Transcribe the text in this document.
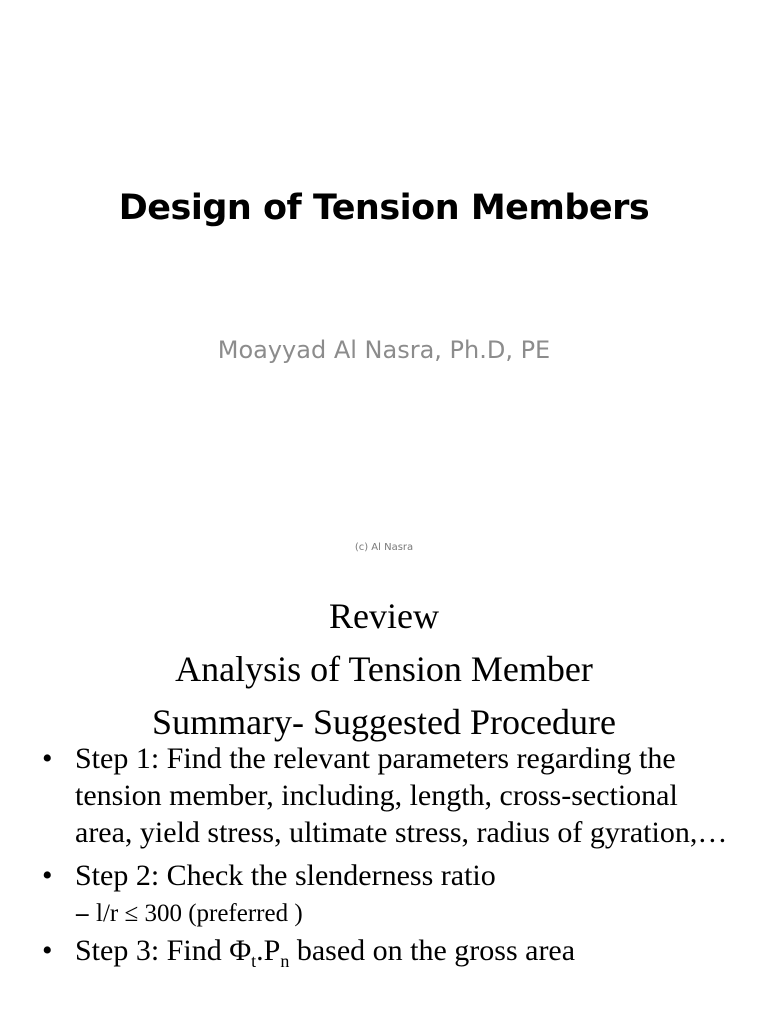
Design of Tension Members
Moayyad Al Nasra, Ph.D, PE
(c) Al Nasra
Review
Analysis of Tension Member
Summary- Suggested Procedure
• Step 1: Find the relevant parameters regarding the tension member, including, length, cross-sectional area, yield stress, ultimate stress, radius of gyration,…
• Step 2: Check the slenderness ratio
– l/r ≤ 300 (preferred )
• Step 3: Find $\Phi_t.P_n$ based on the gross area
